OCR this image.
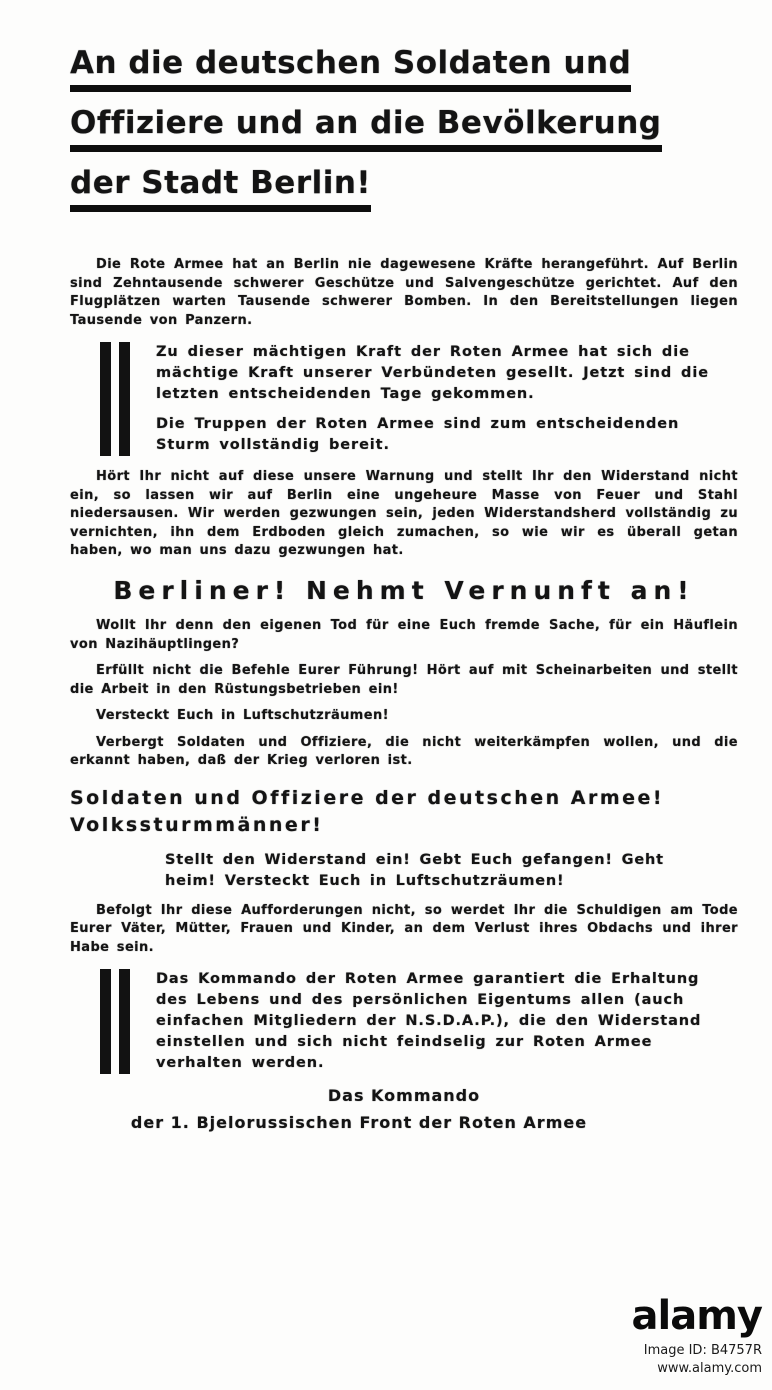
An die deutschen Soldaten und
Offiziere und an die Bevölkerung
der Stadt Berlin!

Die Rote Armee hat an Berlin nie dagewesene Kräfte herangeführt. Auf Berlin sind Zehntausende schwerer Geschütze und Salvengeschütze gerichtet. Auf den Flugplätzen warten Tausende schwerer Bomben. In den Bereitstellungen liegen Tausende von Panzern.

Zu dieser mächtigen Kraft der Roten Armee hat sich die mächtige Kraft unserer Verbündeten gesellt. Jetzt sind die letzten entscheidenden Tage gekommen.

Die Truppen der Roten Armee sind zum entscheidenden Sturm vollständig bereit.

Hört Ihr nicht auf diese unsere Warnung und stellt Ihr den Widerstand nicht ein, so lassen wir auf Berlin eine ungeheure Masse von Feuer und Stahl niedersausen. Wir werden gezwungen sein, jeden Widerstandsherd vollständig zu vernichten, ihn dem Erdboden gleich zumachen, so wie wir es überall getan haben, wo man uns dazu gezwungen hat.

Berliner! Nehmt Vernunft an!

Wollt Ihr denn den eigenen Tod für eine Euch fremde Sache, für ein Häuflein von Nazihäuptlingen?

Erfüllt nicht die Befehle Eurer Führung! Hört auf mit Scheinarbeiten und stellt die Arbeit in den Rüstungsbetrieben ein!

Versteckt Euch in Luftschutzräumen!

Verbergt Soldaten und Offiziere, die nicht weiterkämpfen wollen, und die erkannt haben, daß der Krieg verloren ist.

Soldaten und Offiziere der deutschen Armee!
Volkssturmmänner!

Stellt den Widerstand ein! Gebt Euch gefangen! Geht heim! Versteckt Euch in Luftschutzräumen!

Befolgt Ihr diese Aufforderungen nicht, so werdet Ihr die Schuldigen am Tode Eurer Väter, Mütter, Frauen und Kinder, an dem Verlust ihres Obdachs und ihrer Habe sein.

Das Kommando der Roten Armee garantiert die Erhaltung des Lebens und des persönlichen Eigentums allen (auch einfachen Mitgliedern der N.S.D.A.P.), die den Widerstand einstellen und sich nicht feindselig zur Roten Armee verhalten werden.

Das Kommando

der 1. Bjelorussischen Front der Roten Armee

alamy
Image ID: B4757R
www.alamy.com
